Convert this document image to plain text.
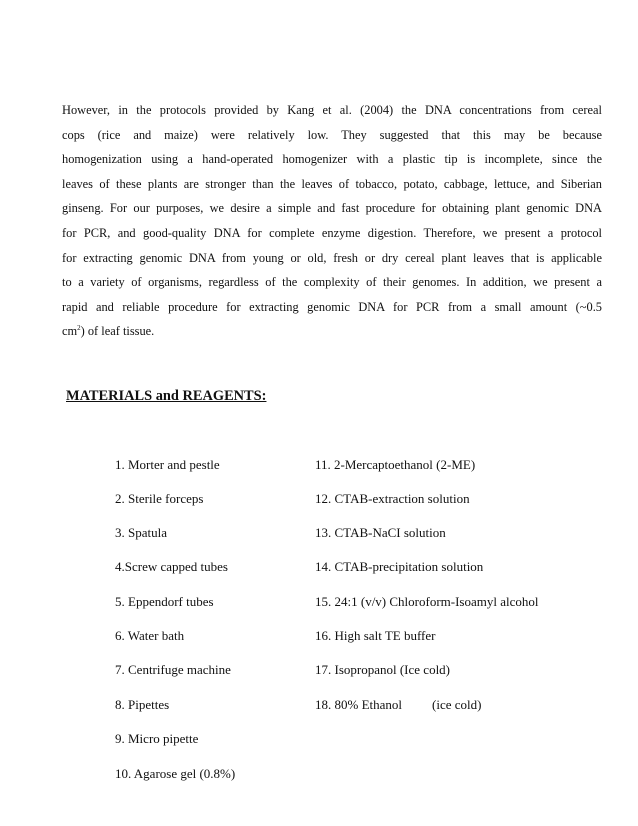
However, in the protocols provided by Kang et al. (2004) the DNA concentrations from cereal
cops (rice and maize) were relatively low. They suggested that this may be because
homogenization using a hand-operated homogenizer with a plastic tip is incomplete, since the
leaves of these plants are stronger than the leaves of tobacco, potato, cabbage, lettuce, and Siberian
ginseng. For our purposes, we desire a simple and fast procedure for obtaining plant genomic DNA
for PCR, and good-quality DNA for complete enzyme digestion. Therefore, we present a protocol
for extracting genomic DNA from young or old, fresh or dry cereal plant leaves that is applicable
to a variety of organisms, regardless of the complexity of their genomes. In addition, we present a
rapid and reliable procedure for extracting genomic DNA for PCR from a small amount (~0.5
$cm^2$) of leaf tissue.
MATERIALS and REAGENTS:
1. Morter and pestle
2. Sterile forceps
3. Spatula
4.Screw capped tubes
5. Eppendorf tubes
6. Water bath
7. Centrifuge machine
8. Pipettes
9. Micro pipette
10. Agarose gel (0.8%)
11. 2-Mercaptoethanol (2-ME)
12. CTAB-extraction solution
13. CTAB-NaCI solution
14. CTAB-precipitation solution
15. 24:1 (v/v) Chloroform-Isoamyl alcohol
16. High salt TE buffer
17. Isopropanol (Ice cold)
18. 80% Ethanol (ice cold)
